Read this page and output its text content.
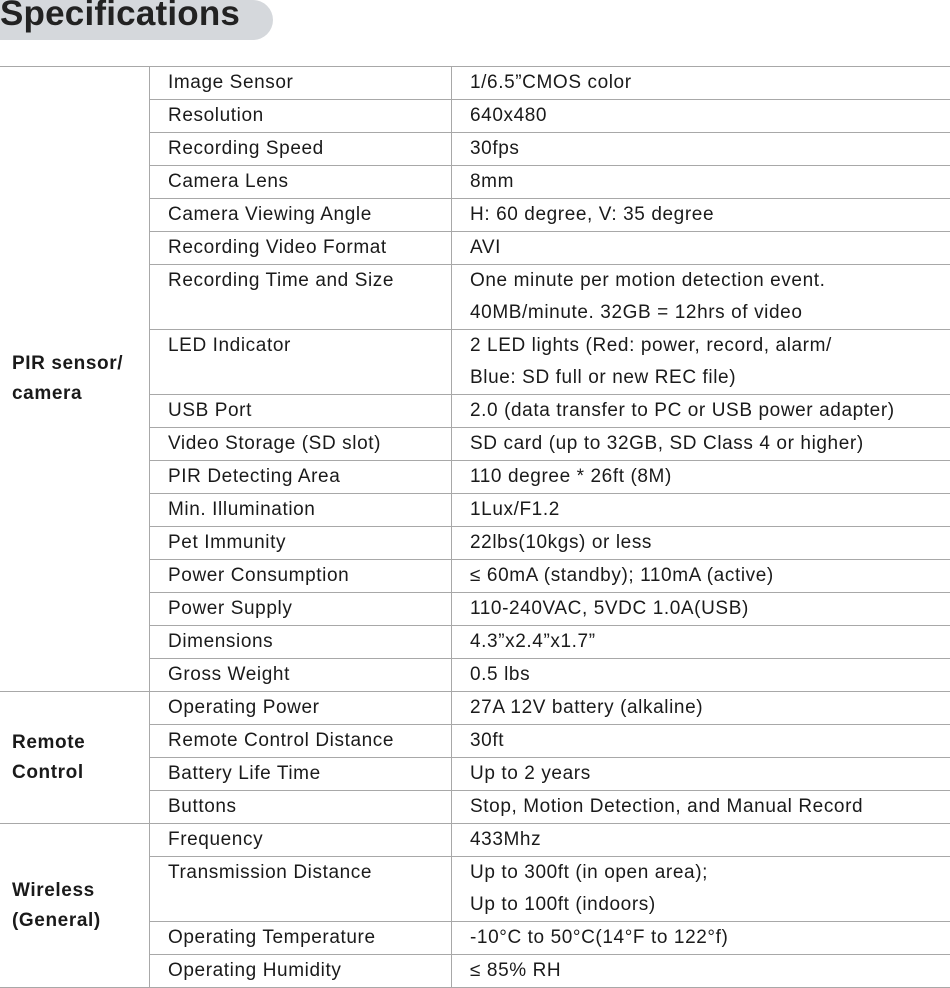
Specifications
PIR sensor/
camera	Image Sensor	1/6.5”CMOS color

	Resolution	640x480

	Recording Speed	30fps

	Camera Lens	8mm

	Camera Viewing Angle	H: 60 degree, V: 35 degree

	Recording Video Format	AVI

	Recording Time and Size	One minute per motion detection event.
40MB/minute. 32GB = 12hrs of video

	LED Indicator	2 LED lights (Red: power, record, alarm/
Blue: SD full or new REC file)

	USB Port	2.0 (data transfer to PC or USB power adapter)

	Video Storage (SD slot)	SD card (up to 32GB, SD Class 4 or higher)

	PIR Detecting Area	110 degree * 26ft (8M)

	Min. Illumination	1Lux/F1.2

	Pet Immunity	22lbs(10kgs) or less

	Power Consumption	≤ 60mA (standby); 110mA (active)

	Power Supply	110-240VAC, 5VDC 1.0A(USB)

	Dimensions	4.3”x2.4”x1.7”

	Gross Weight	0.5 lbs

Remote
Control	Operating Power	27A 12V battery (alkaline)

	Remote Control Distance	30ft

	Battery Life Time	Up to 2 years

	Buttons	Stop, Motion Detection, and Manual Record

Wireless
(General)	Frequency	433Mhz

	Transmission Distance	Up to 300ft (in open area);
Up to 100ft (indoors)

	Operating Temperature	-10°C to 50°C(14°F to 122°f)

	Operating Humidity	≤ 85% RH
